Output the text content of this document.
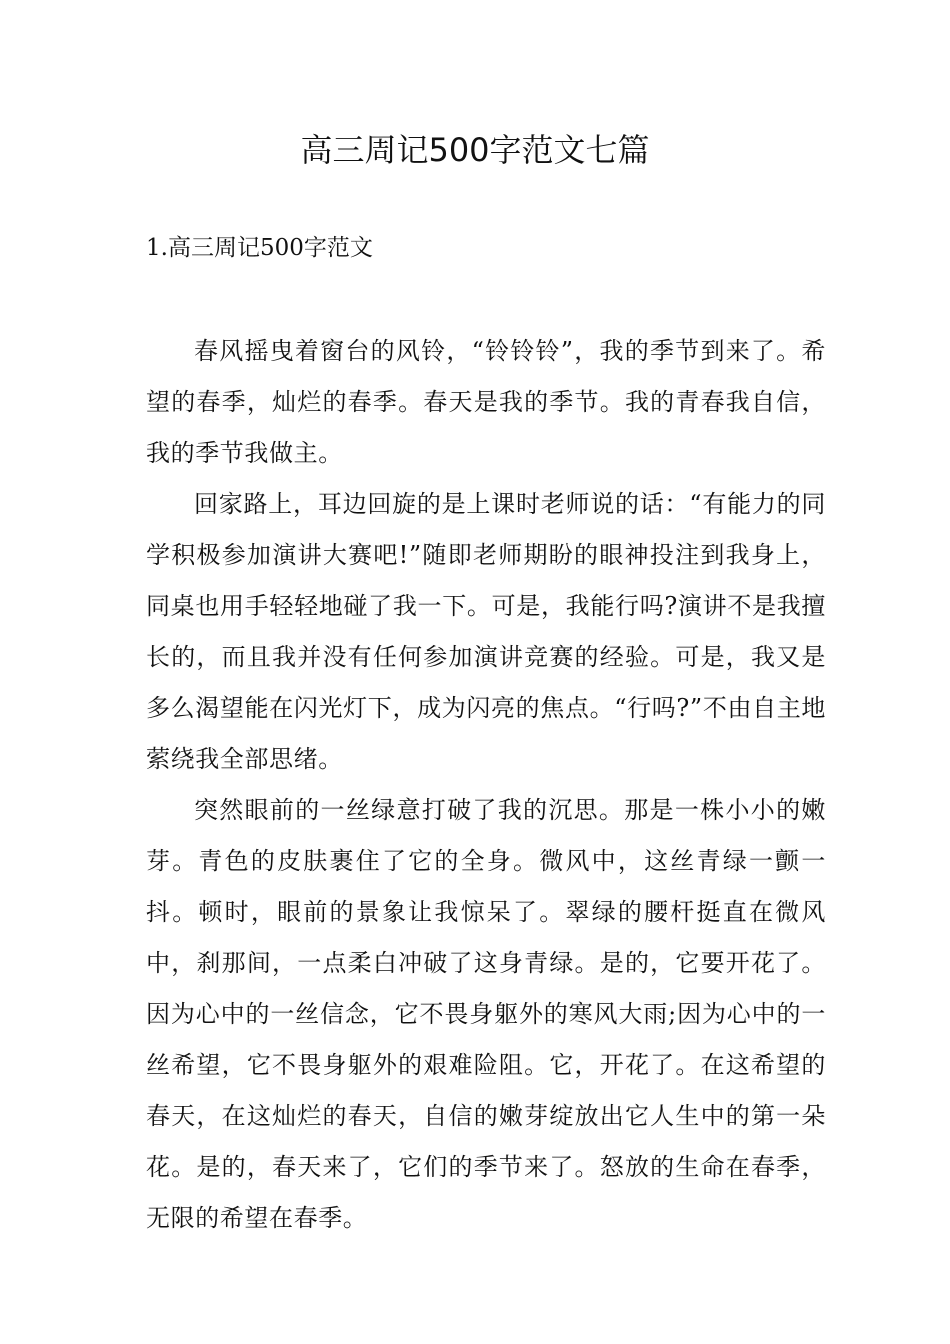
高三周记500字范文七篇
1.高三周记500字范文

春风摇曳着窗台的风铃，“铃铃铃”，我的季节到来了。希望的春季，灿烂的春季。春天是我的季节。我的青春我自信，我的季节我做主。

回家路上，耳边回旋的是上课时老师说的话：“有能力的同学积极参加演讲大赛吧!”随即老师期盼的眼神投注到我身上，同桌也用手轻轻地碰了我一下。可是，我能行吗?演讲不是我擅长的，而且我并没有任何参加演讲竞赛的经验。可是，我又是多么渴望能在闪光灯下，成为闪亮的焦点。“行吗?”不由自主地萦绕我全部思绪。

突然眼前的一丝绿意打破了我的沉思。那是一株小小的嫩芽。青色的皮肤裹住了它的全身。微风中，这丝青绿一颤一抖。顿时，眼前的景象让我惊呆了。翠绿的腰杆挺直在微风中，刹那间，一点柔白冲破了这身青绿。是的，它要开花了。因为心中的一丝信念，它不畏身躯外的寒风大雨;因为心中的一丝希望，它不畏身躯外的艰难险阻。它，开花了。在这希望的春天，在这灿烂的春天，自信的嫩芽绽放出它人生中的第一朵花。是的，春天来了，它们的季节来了。怒放的生命在春季，无限的希望在春季。
